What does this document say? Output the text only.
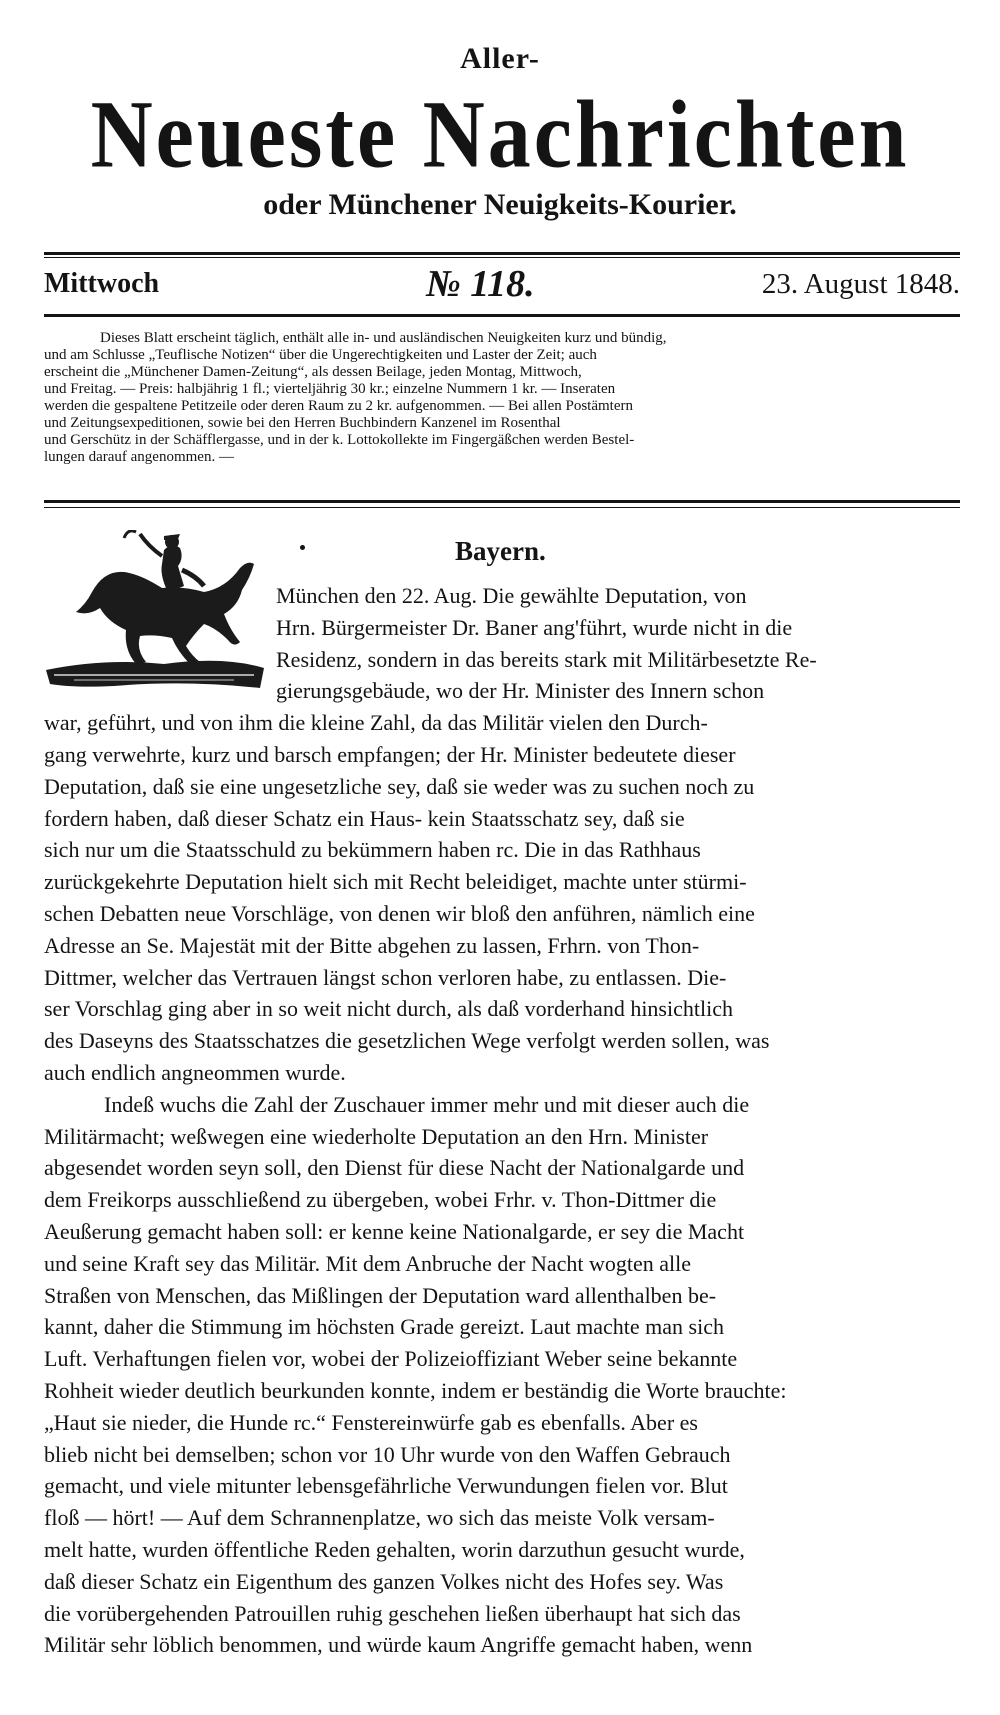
Aller-
Neueste Nachrichten
oder Münchener Neuigkeits-Kourier.
Mittwoch	№ 118.	23. August 1848.
Dieses Blatt erscheint täglich, enthält alle in- und ausländischen Neuigkeiten kurz und bündig,
und am Schlusse „Teuflische Notizen“ über die Ungerechtigkeiten und Laster der Zeit; auch
erscheint die „Münchener Damen-Zeitung“, als dessen Beilage, jeden Montag, Mittwoch,
und Freitag. — Preis: halbjährig 1 fl.; vierteljährig 30 kr.; einzelne Nummern 1 kr. — Inseraten
werden die gespaltene Petitzeile oder deren Raum zu 2 kr. aufgenommen. — Bei allen Postämtern
und Zeitungsexpeditionen, sowie bei den Herren Buchbindern Kanzenel im Rosenthal
und Gerschütz in der Schäfflergasse, und in der k. Lottokollekte im Fingergäßchen werden Bestel-
lungen darauf angenommen. —
Bayern.
München den 22. Aug. Die gewählte Deputation, von
Hrn. Bürgermeister Dr. Baner ang'führt, wurde nicht in die
Residenz, sondern in das bereits stark mit Militärbesetzte Re-
gierungsgebäude, wo der Hr. Minister des Innern schon
war, geführt, und von ihm die kleine Zahl, da das Militär vielen den Durch-
gang verwehrte, kurz und barsch empfangen; der Hr. Minister bedeutete dieser
Deputation, daß sie eine ungesetzliche sey, daß sie weder was zu suchen noch zu
fordern haben, daß dieser Schatz ein Haus- kein Staatsschatz sey, daß sie
sich nur um die Staatsschuld zu bekümmern haben rc. Die in das Rathhaus
zurückgekehrte Deputation hielt sich mit Recht beleidiget, machte unter stürmi-
schen Debatten neue Vorschläge, von denen wir bloß den anführen, nämlich eine
Adresse an Se. Majestät mit der Bitte abgehen zu lassen, Frhrn. von Thon-
Dittmer, welcher das Vertrauen längst schon verloren habe, zu entlassen. Die-
ser Vorschlag ging aber in so weit nicht durch, als daß vorderhand hinsichtlich
des Daseyns des Staatsschatzes die gesetzlichen Wege verfolgt werden sollen, was
auch endlich angneommen wurde.
Indeß wuchs die Zahl der Zuschauer immer mehr und mit dieser auch die
Militärmacht; weßwegen eine wiederholte Deputation an den Hrn. Minister
abgesendet worden seyn soll, den Dienst für diese Nacht der Nationalgarde und
dem Freikorps ausschließend zu übergeben, wobei Frhr. v. Thon-Dittmer die
Aeußerung gemacht haben soll: er kenne keine Nationalgarde, er sey die Macht
und seine Kraft sey das Militär. Mit dem Anbruche der Nacht wogten alle
Straßen von Menschen, das Mißlingen der Deputation ward allenthalben be-
kannt, daher die Stimmung im höchsten Grade gereizt. Laut machte man sich
Luft. Verhaftungen fielen vor, wobei der Polizeioffiziant Weber seine bekannte
Rohheit wieder deutlich beurkunden konnte, indem er beständig die Worte brauchte:
„Haut sie nieder, die Hunde rc.“ Fenstereinwürfe gab es ebenfalls. Aber es
blieb nicht bei demselben; schon vor 10 Uhr wurde von den Waffen Gebrauch
gemacht, und viele mitunter lebensgefährliche Verwundungen fielen vor. Blut
floß — hört! — Auf dem Schrannenplatze, wo sich das meiste Volk versam-
melt hatte, wurden öffentliche Reden gehalten, worin darzuthun gesucht wurde,
daß dieser Schatz ein Eigenthum des ganzen Volkes nicht des Hofes sey. Was
die vorübergehenden Patrouillen ruhig geschehen ließen überhaupt hat sich das
Militär sehr löblich benommen, und würde kaum Angriffe gemacht haben, wenn
